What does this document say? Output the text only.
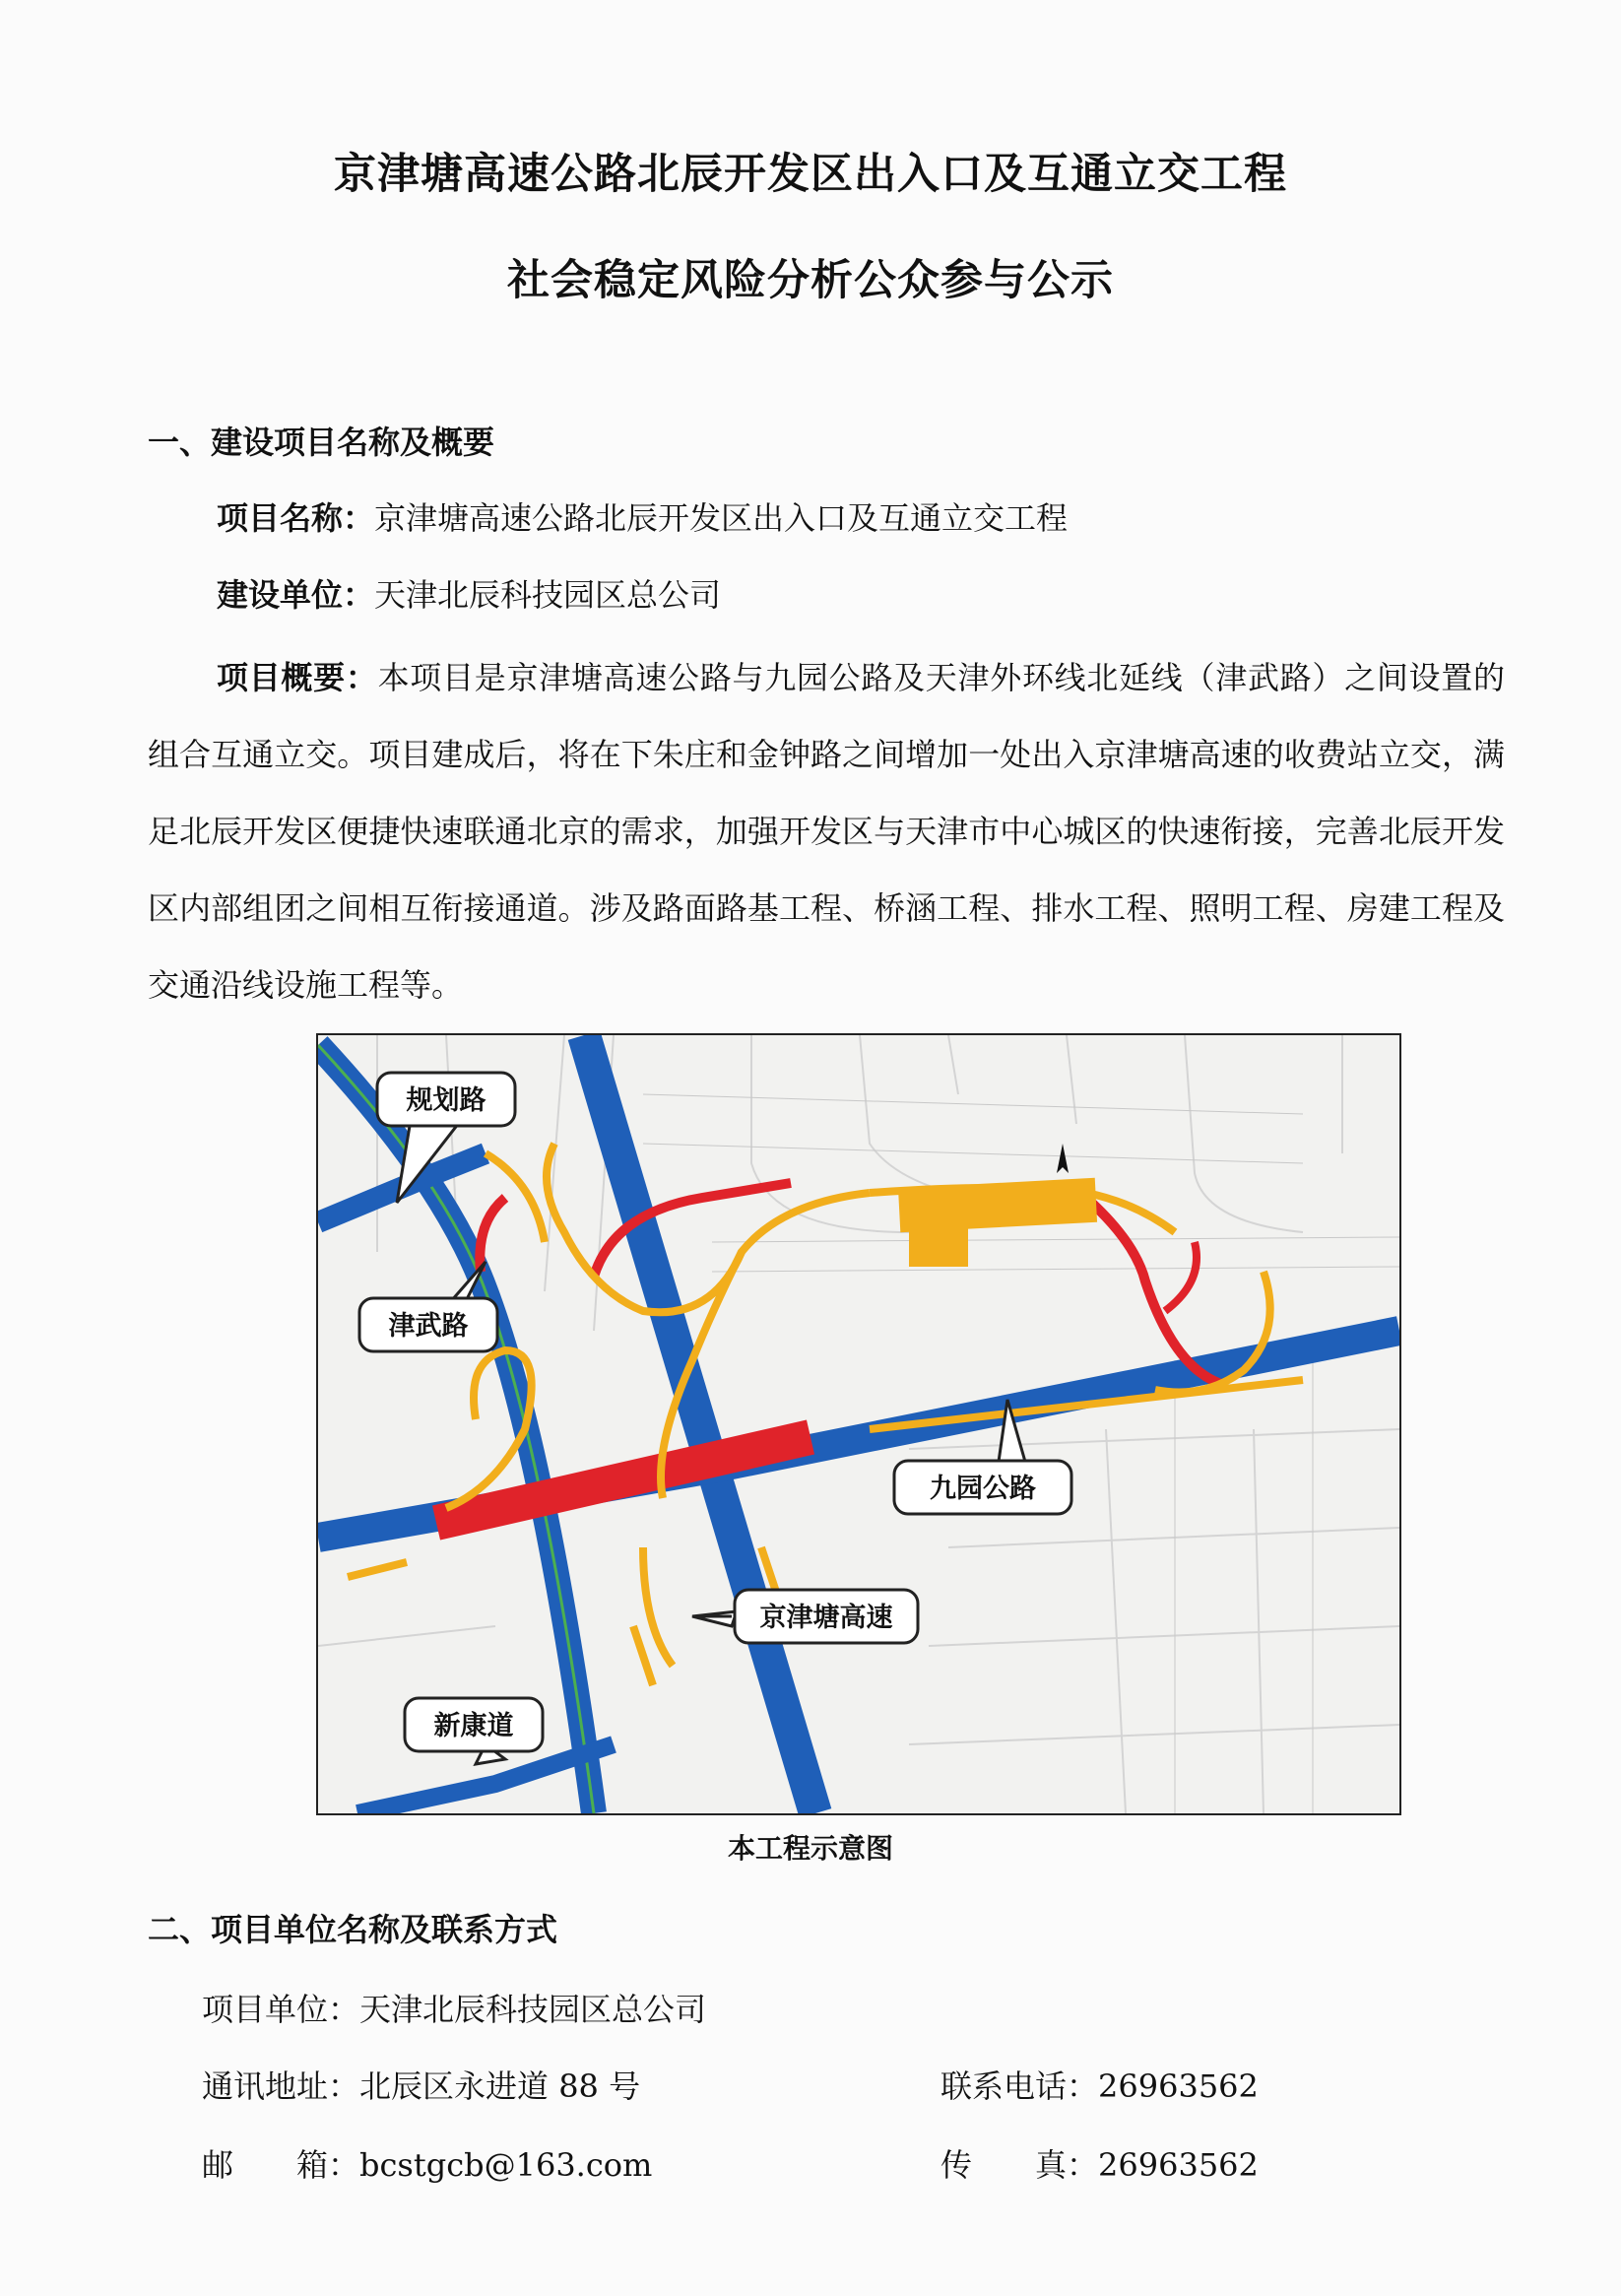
京津塘高速公路北辰开发区出入口及互通立交工程
社会稳定风险分析公众参与公示
一、建设项目名称及概要
项目名称：京津塘高速公路北辰开发区出入口及互通立交工程
建设单位：天津北辰科技园区总公司
项目概要：本项目是京津塘高速公路与九园公路及天津外环线北延线（津武路）之间设置的组合互通立交。项目建成后，将在下朱庄和金钟路之间增加一处出入京津塘高速的收费站立交，满足北辰开发区便捷快速联通北京的需求，加强开发区与天津市中心城区的快速衔接，完善北辰开发区内部组团之间相互衔接通道。涉及路面路基工程、桥涵工程、排水工程、照明工程、房建工程及交通沿线设施工程等。
规划路
津武路
九园公路
京津塘高速
新康道
本工程示意图
二、项目单位名称及联系方式
项目单位：天津北辰科技园区总公司
通讯地址：北辰区永进道 88 号	联系电话：26963562
邮　　箱：bcstgcb@163.com	传　　真：26963562
